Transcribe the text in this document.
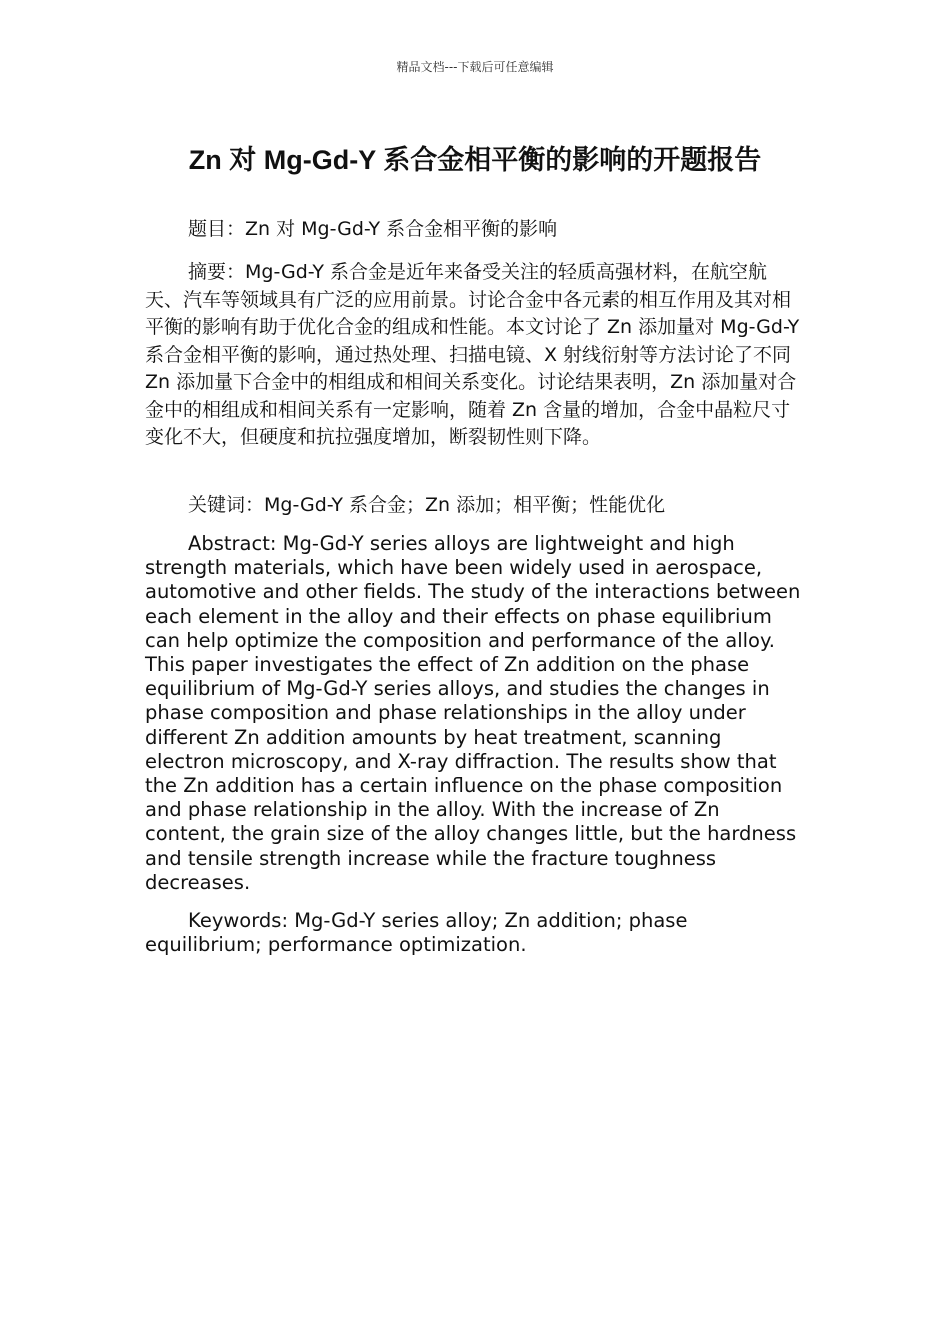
精品文档---下载后可任意编辑
Zn 对 Mg-Gd-Y 系合金相平衡的影响的开题报告

题目：Zn 对 Mg-Gd-Y 系合金相平衡的影响

摘要：Mg-Gd-Y 系合金是近年来备受关注的轻质高强材料，在航空航天、汽车等领域具有广泛的应用前景。讨论合金中各元素的相互作用及其对相平衡的影响有助于优化合金的组成和性能。本文讨论了 Zn 添加量对 Mg-Gd-Y 系合金相平衡的影响，通过热处理、扫描电镜、X 射线衍射等方法讨论了不同 Zn 添加量下合金中的相组成和相间关系变化。讨论结果表明，Zn 添加量对合金中的相组成和相间关系有一定影响，随着 Zn 含量的增加，合金中晶粒尺寸变化不大，但硬度和抗拉强度增加，断裂韧性则下降。

关键词：Mg-Gd-Y 系合金；Zn 添加；相平衡；性能优化

Abstract: Mg-Gd-Y series alloys are lightweight and high strength materials, which have been widely used in aerospace, automotive and other fields. The study of the interactions between each element in the alloy and their effects on phase equilibrium can help optimize the composition and performance of the alloy. This paper investigates the effect of Zn addition on the phase equilibrium of Mg-Gd-Y series alloys, and studies the changes in phase composition and phase relationships in the alloy under different Zn addition amounts by heat treatment, scanning electron microscopy, and X-ray diffraction. The results show that the Zn addition has a certain influence on the phase composition and phase relationship in the alloy. With the increase of Zn content, the grain size of the alloy changes little, but the hardness and tensile strength increase while the fracture toughness decreases.

Keywords: Mg-Gd-Y series alloy; Zn addition; phase equilibrium; performance optimization.
